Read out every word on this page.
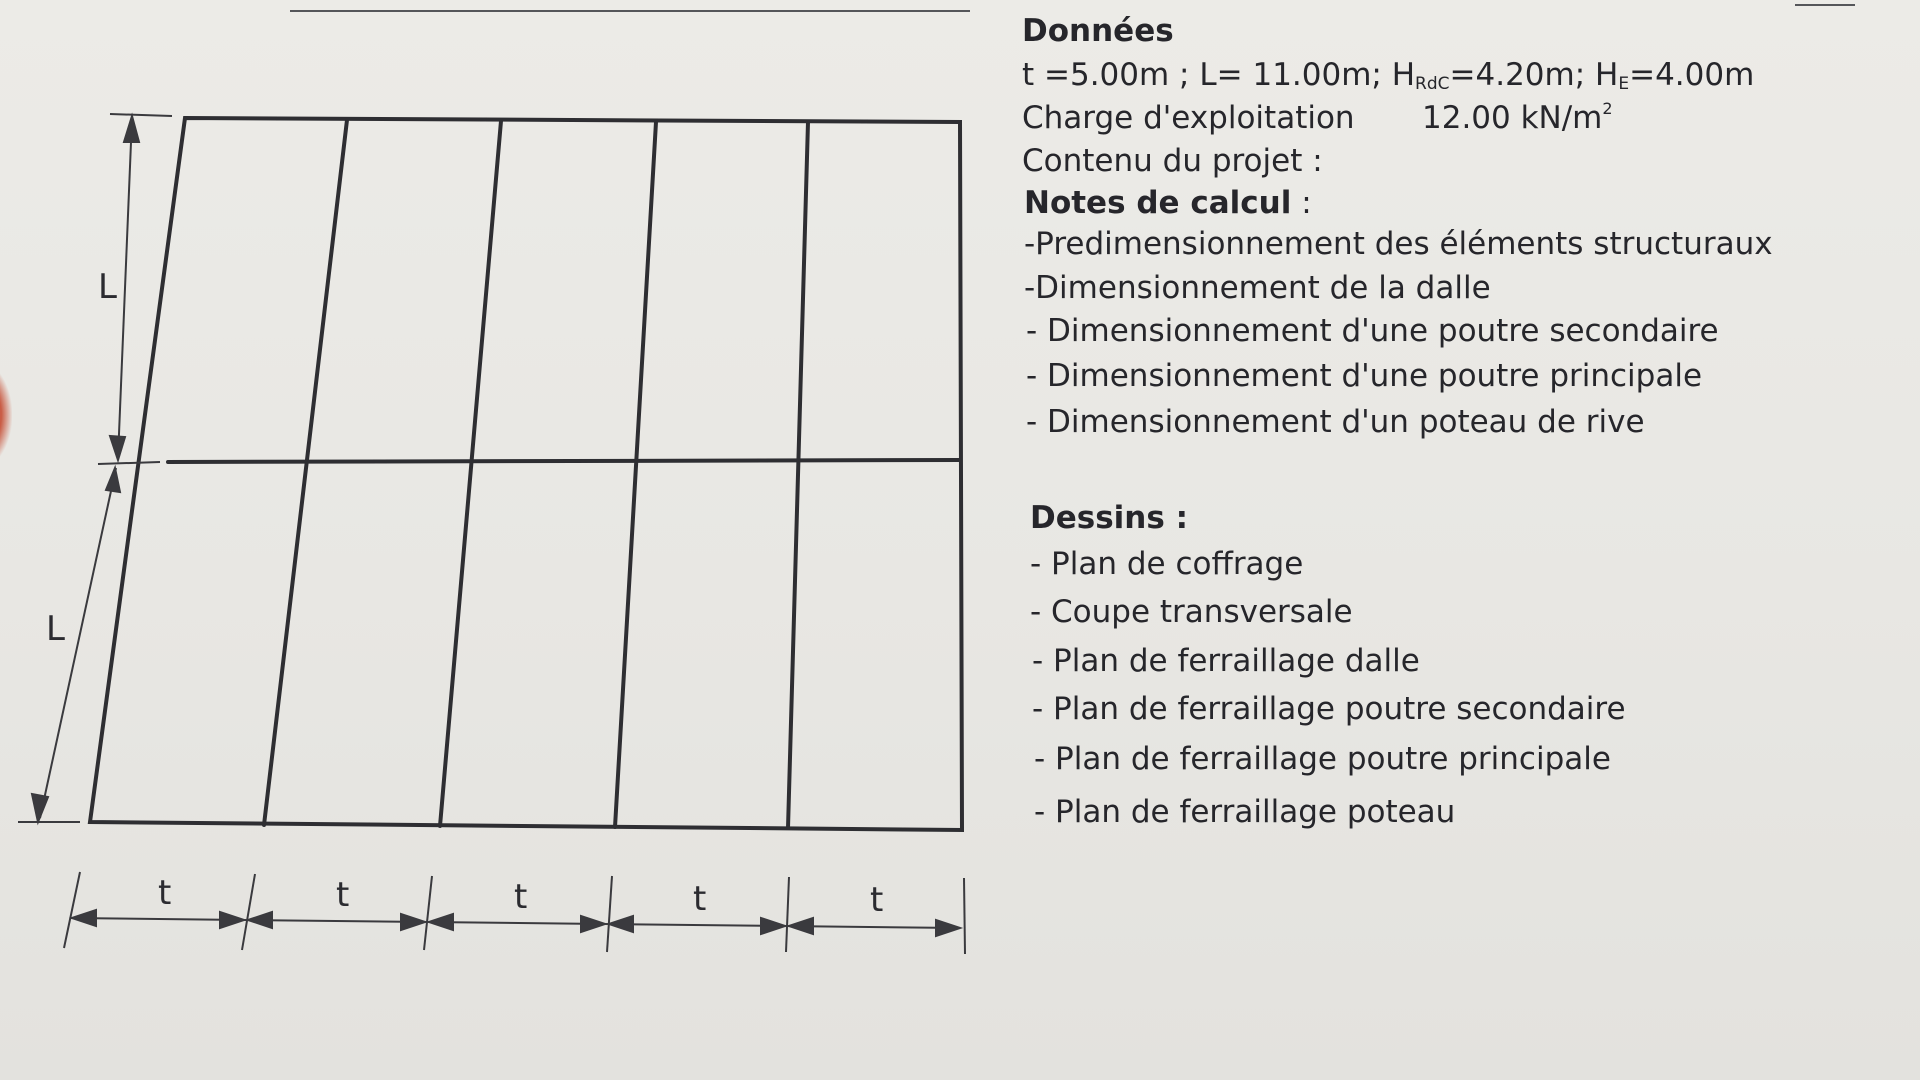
L
L
t	t	t	t	t
Données
t =5.00m ; L= 11.00m; $H_{RdC}=4.20m$; $H_E=4.00m$
Charge d'exploitation 12.00 $kN/m^2$
Contenu du projet :
Notes de calcul :
-Predimensionnement des éléments structuraux
-Dimensionnement de la dalle
- Dimensionnement d'une poutre secondaire
- Dimensionnement d'une poutre principale
- Dimensionnement d'un poteau de rive
Dessins :
- Plan de coffrage
- Coupe transversale
- Plan de ferraillage dalle
- Plan de ferraillage poutre secondaire
- Plan de ferraillage poutre principale
- Plan de ferraillage poteau
